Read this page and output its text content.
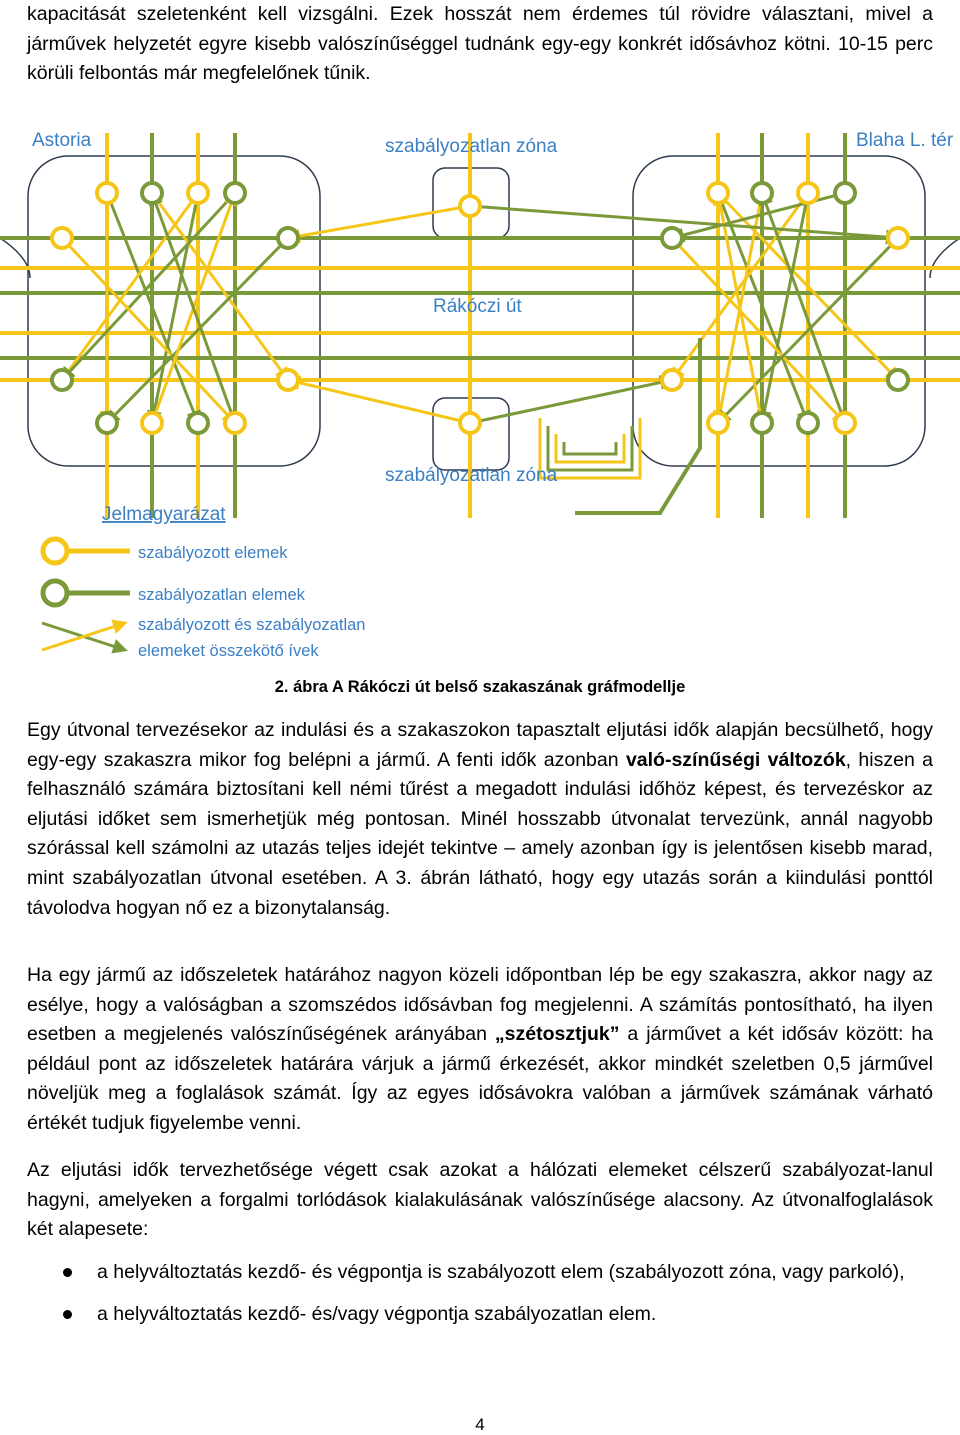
kapacitását szeletenként kell vizsgálni. Ezek hosszát nem érdemes túl rövidre választani, mivel a járművek helyzetét egyre kisebb valószínűséggel tudnánk egy-egy konkrét idősávhoz kötni. 10-15 perc körüli felbontás már megfelelőnek tűnik.

Astoria	szabályozatlan zóna	Blaha L. tér
Rákóczi út
szabályozatlan zóna
Jelmagyarázat
szabályozott elemek
szabályozatlan elemek
szabályozott és szabályozatlan
elemeket összekötő ívek
2. ábra A Rákóczi út belső szakaszának gráfmodellje

Egy útvonal tervezésekor az indulási és a szakaszokon tapasztalt eljutási idők alapján becsülhető, hogy egy-egy szakaszra mikor fog belépni a jármű. A fenti idők azonban való-színűségi változók, hiszen a felhasználó számára biztosítani kell némi tűrést a megadott indulási időhöz képest, és tervezéskor az eljutási időket sem ismerhetjük még pontosan. Minél hosszabb útvonalat tervezünk, annál nagyobb szórással kell számolni az utazás teljes idejét tekintve – amely azonban így is jelentősen kisebb marad, mint szabályozatlan útvonal esetében. A 3. ábrán látható, hogy egy utazás során a kiindulási ponttól távolodva hogyan nő ez a bizonytalanság.

Ha egy jármű az időszeletek határához nagyon közeli időpontban lép be egy szakaszra, akkor nagy az esélye, hogy a valóságban a szomszédos idősávban fog megjelenni. A számítás pontosítható, ha ilyen esetben a megjelenés valószínűségének arányában „szétosztjuk” a járművet a két idősáv között: ha például pont az időszeletek határára várjuk a jármű érkezését, akkor mindkét szeletben 0,5 járművel növeljük meg a foglalások számát. Így az egyes idősávokra valóban a járművek számának várható értékét tudjuk figyelembe venni.

Az eljutási idők tervezhetősége végett csak azokat a hálózati elemeket célszerű szabályozat-lanul hagyni, amelyeken a forgalmi torlódások kialakulásának valószínűsége alacsony. Az útvonalfoglalások két alapesete:

a helyváltoztatás kezdő- és végpontja is szabályozott elem (szabályozott zóna, vagy parkoló),
a helyváltoztatás kezdő- és/vagy végpontja szabályozatlan elem.
4
